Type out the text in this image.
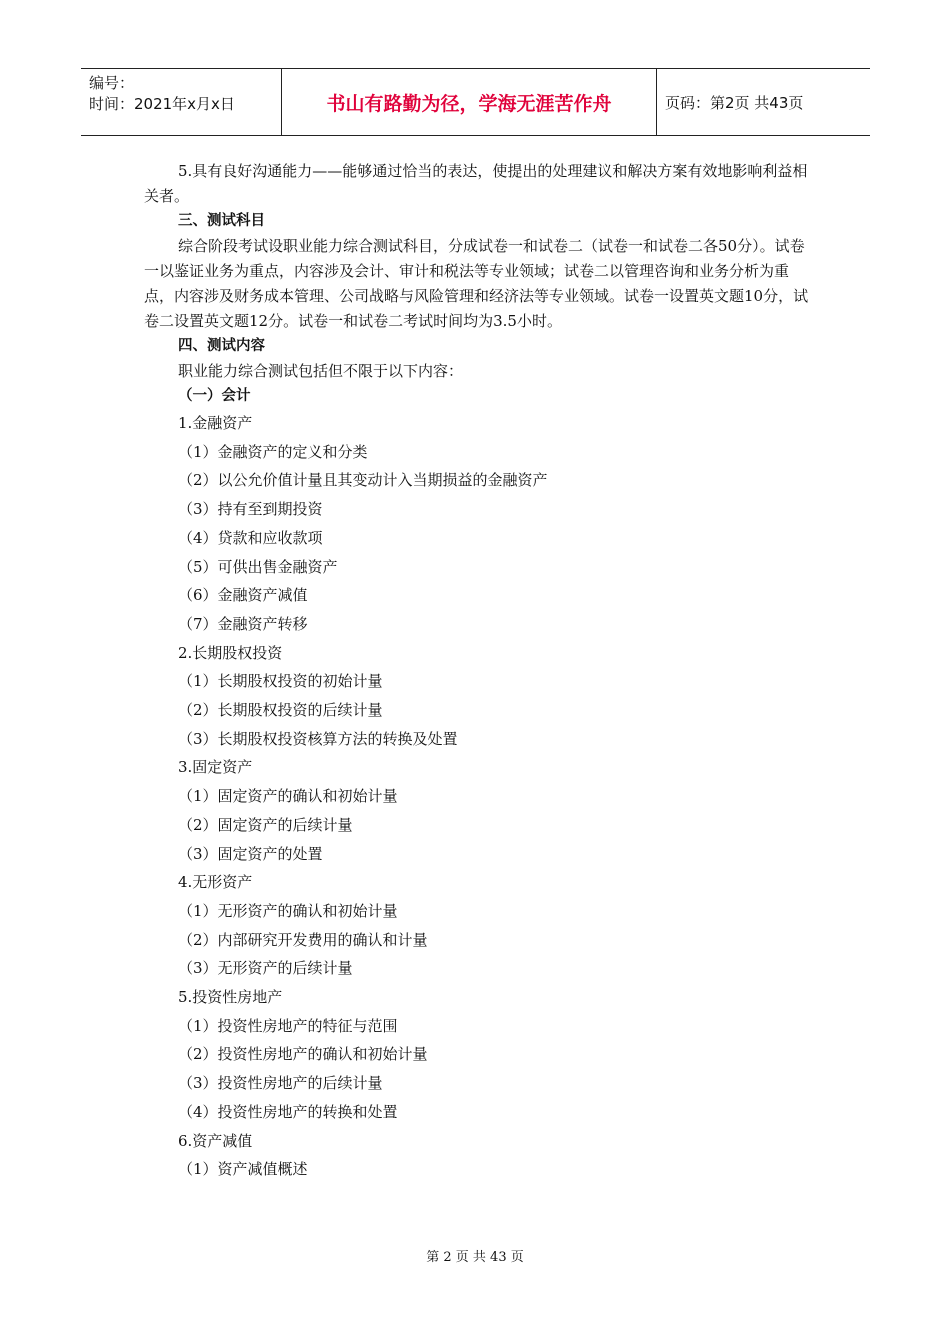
编号：
时间：2021年x月x日	书山有路勤为径，学海无涯苦作舟	页码：第2页 共43页

5.具有良好沟通能力——能够通过恰当的表达，使提出的处理建议和解决方案有效地影响利益相关者。

三、测试科目

综合阶段考试设职业能力综合测试科目，分成试卷一和试卷二（试卷一和试卷二各50分）。试卷一以鉴证业务为重点，内容涉及会计、审计和税法等专业领域；试卷二以管理咨询和业务分析为重点，内容涉及财务成本管理、公司战略与风险管理和经济法等专业领域。试卷一设置英文题10分，试卷二设置英文题12分。试卷一和试卷二考试时间均为3.5小时。

四、测试内容

职业能力综合测试包括但不限于以下内容：

（一）会计

1.金融资产

（1）金融资产的定义和分类

（2）以公允价值计量且其变动计入当期损益的金融资产

（3）持有至到期投资

（4）贷款和应收款项

（5）可供出售金融资产

（6）金融资产减值

（7）金融资产转移

2.长期股权投资

（1）长期股权投资的初始计量

（2）长期股权投资的后续计量

（3）长期股权投资核算方法的转换及处置

3.固定资产

（1）固定资产的确认和初始计量

（2）固定资产的后续计量

（3）固定资产的处置

4.无形资产

（1）无形资产的确认和初始计量

（2）内部研究开发费用的确认和计量

（3）无形资产的后续计量

5.投资性房地产

（1）投资性房地产的特征与范围

（2）投资性房地产的确认和初始计量

（3）投资性房地产的后续计量

（4）投资性房地产的转换和处置

6.资产减值

（1）资产减值概述

第 2 页 共 43 页
